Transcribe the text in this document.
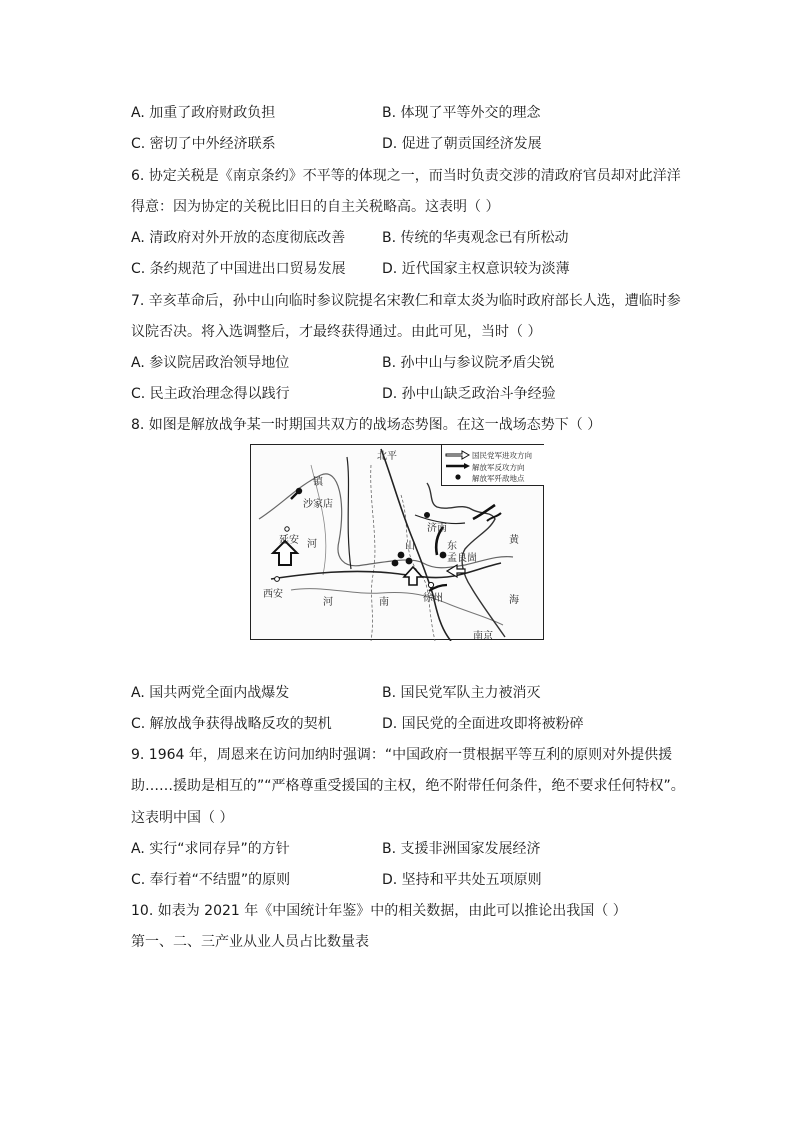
A. 加重了政府财政负担	B. 体现了平等外交的理念
C. 密切了中外经济联系	D. 促进了朝贡国经济发展
6. 协定关税是《南京条约》不平等的体现之一，而当时负责交涉的清政府官员却对此洋洋
得意：因为协定的关税比旧日的自主关税略高。这表明（ ）
A. 清政府对外开放的态度彻底改善	B. 传统的华夷观念已有所松动
C. 条约规范了中国进出口贸易发展	D. 近代国家主权意识较为淡薄
7. 辛亥革命后，孙中山向临时参议院提名宋教仁和章太炎为临时政府部长人选，遭临时参
议院否决。将入选调整后，才最终获得通过。由此可见，当时（ ）
A. 参议院居政治领导地位	B. 孙中山与参议院矛盾尖锐
C. 民主政治理念得以践行	D. 孙中山缺乏政治斗争经验
8. 如图是解放战争某一时期国共双方的战场态势图。在这一战场态势下（ ）
北平
镇
沙家店
延安 河
西安
河	南
济南
山	东
孟良崮
徐州
黄
海
南京
国民党军进攻方向
解放军反攻方向
解放军歼敌地点
A. 国共两党全面内战爆发	B. 国民党军队主力被消灭
C. 解放战争获得战略反攻的契机	D. 国民党的全面进攻即将被粉碎
9. 1964 年，周恩来在访问加纳时强调：“中国政府一贯根据平等互利的原则对外提供援
助……援助是相互的”“严格尊重受援国的主权，绝不附带任何条件，绝不要求任何特权”。
这表明中国（ ）
A. 实行“求同存异”的方针	B. 支援非洲国家发展经济
C. 奉行着“不结盟”的原则	D. 坚持和平共处五项原则
10. 如表为 2021 年《中国统计年鉴》中的相关数据，由此可以推论出我国（ ）
第一、二、三产业从业人员占比数量表
